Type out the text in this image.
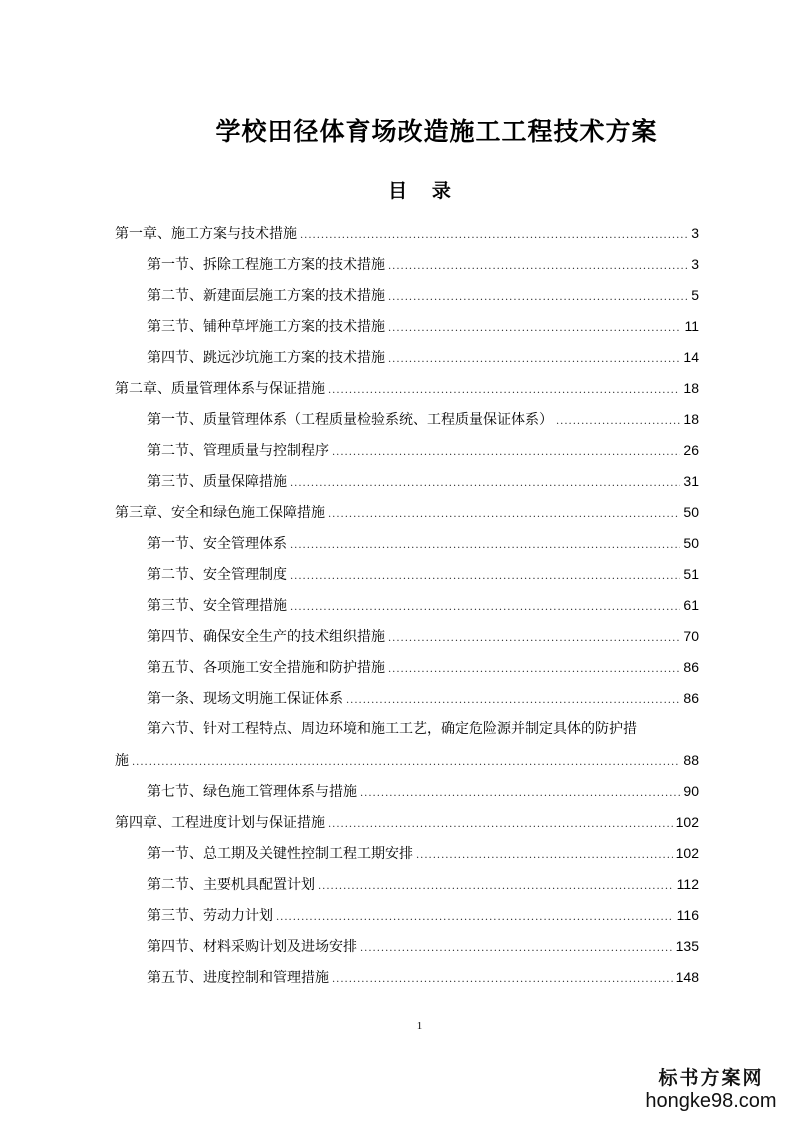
学校田径体育场改造施工工程技术方案
目 录
第一章、施工方案与技术措施 .....	3
第一节、拆除工程施工方案的技术措施 .....	3
第二节、新建面层施工方案的技术措施 .....	5
第三节、铺种草坪施工方案的技术措施 .....	11
第四节、跳远沙坑施工方案的技术措施 .....	14
第二章、质量管理体系与保证措施 .....	18
第一节、质量管理体系（工程质量检验系统、工程质量保证体系） .....	18
第二节、管理质量与控制程序 .....	26
第三节、质量保障措施 .....	31
第三章、安全和绿色施工保障措施 .....	50
第一节、安全管理体系 .....	50
第二节、安全管理制度 .....	51
第三节、安全管理措施 .....	61
第四节、确保安全生产的技术组织措施 .....	70
第五节、各项施工安全措施和防护措施 .....	86
第一条、现场文明施工保证体系 .....	86
第六节、针对工程特点、周边环境和施工工艺，确定危险源并制定具体的防护措
施 .....	88
第七节、绿色施工管理体系与措施 .....	90
第四章、工程进度计划与保证措施 .....	102
第一节、总工期及关键性控制工程工期安排 .....	102
第二节、主要机具配置计划 .....	112
第三节、劳动力计划 .....	116
第四节、材料采购计划及进场安排 .....	135
第五节、进度控制和管理措施 .....	148
1
标书方案网
hongke98.com
